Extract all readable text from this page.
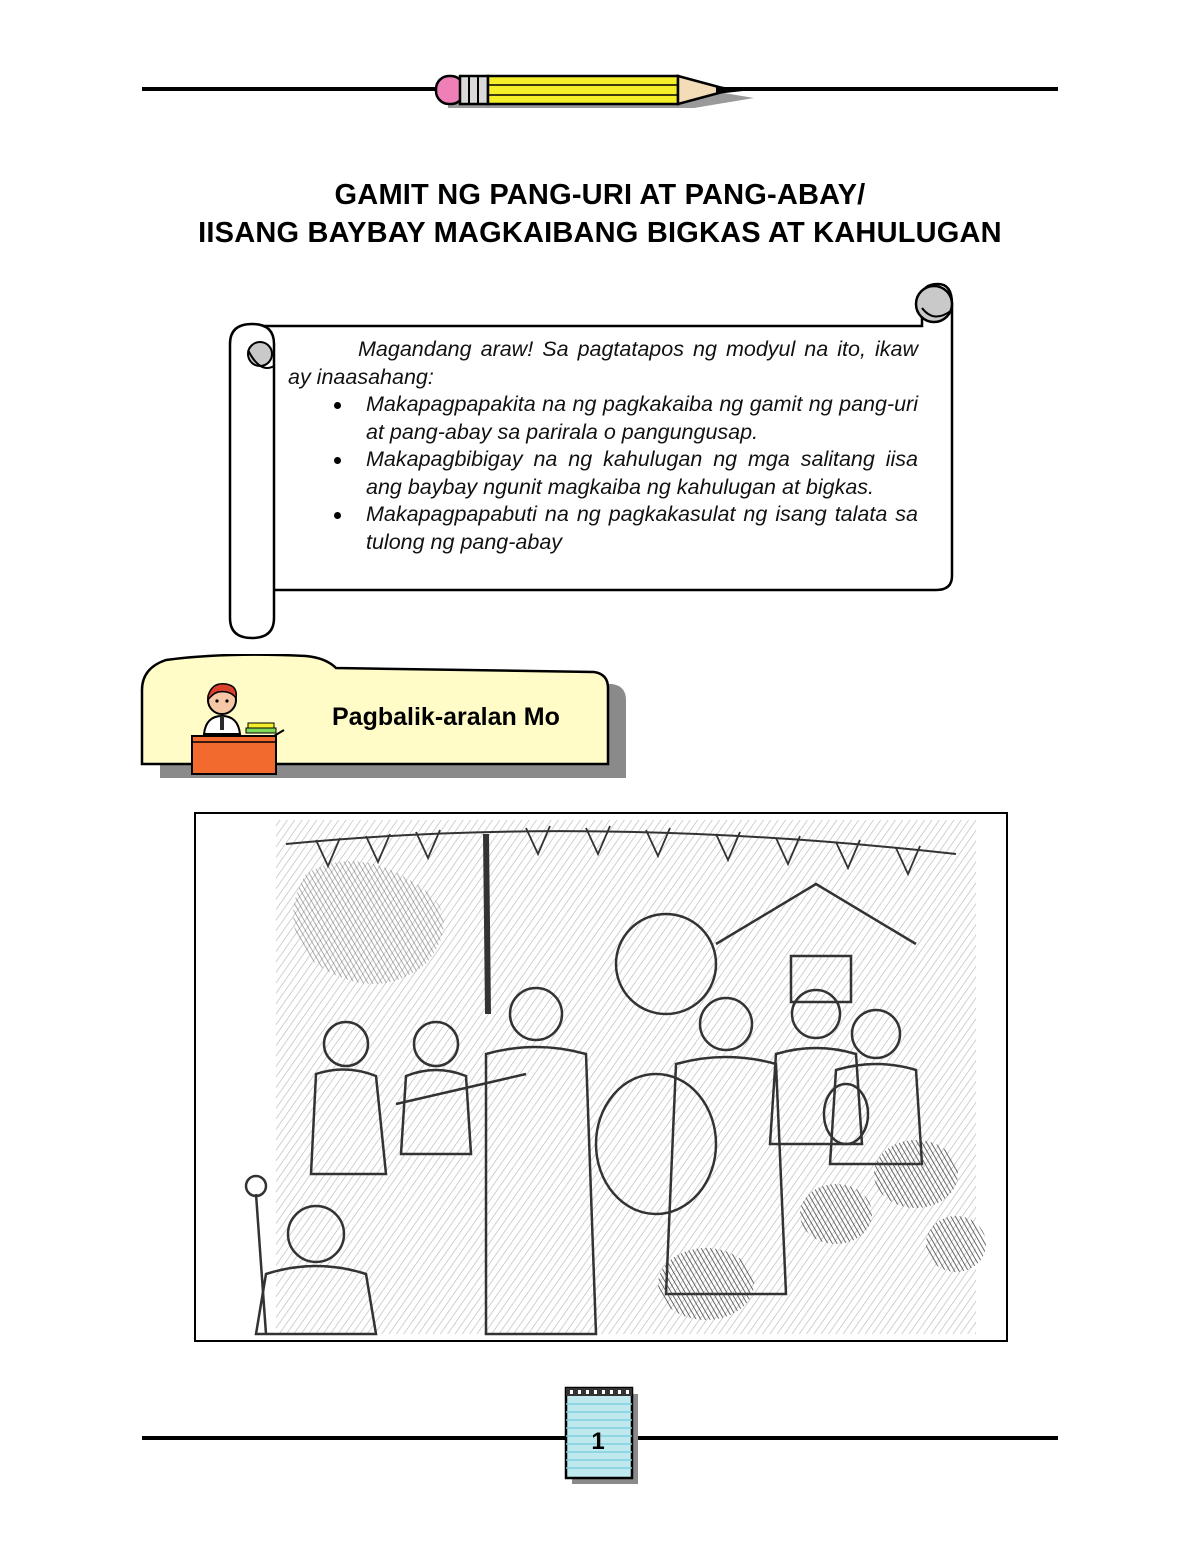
GAMIT NG PANG-URI AT PANG-ABAY/
IISANG BAYBAY MAGKAIBANG BIGKAS AT KAHULUGAN

Magandang araw! Sa pagtatapos ng modyul na ito, ikaw ay inaasahang:

Makapagpapakita na ng pagkakaiba ng gamit ng pang-uri at pang-abay sa parirala o pangungusap.
Makapagbibigay na ng kahulugan ng mga salitang iisa ang baybay ngunit magkaiba ng kahulugan at bigkas.
Makapagpapabuti na ng pagkakasulat ng isang talata sa tulong ng pang-abay
Pagbalik-aralan Mo
1
